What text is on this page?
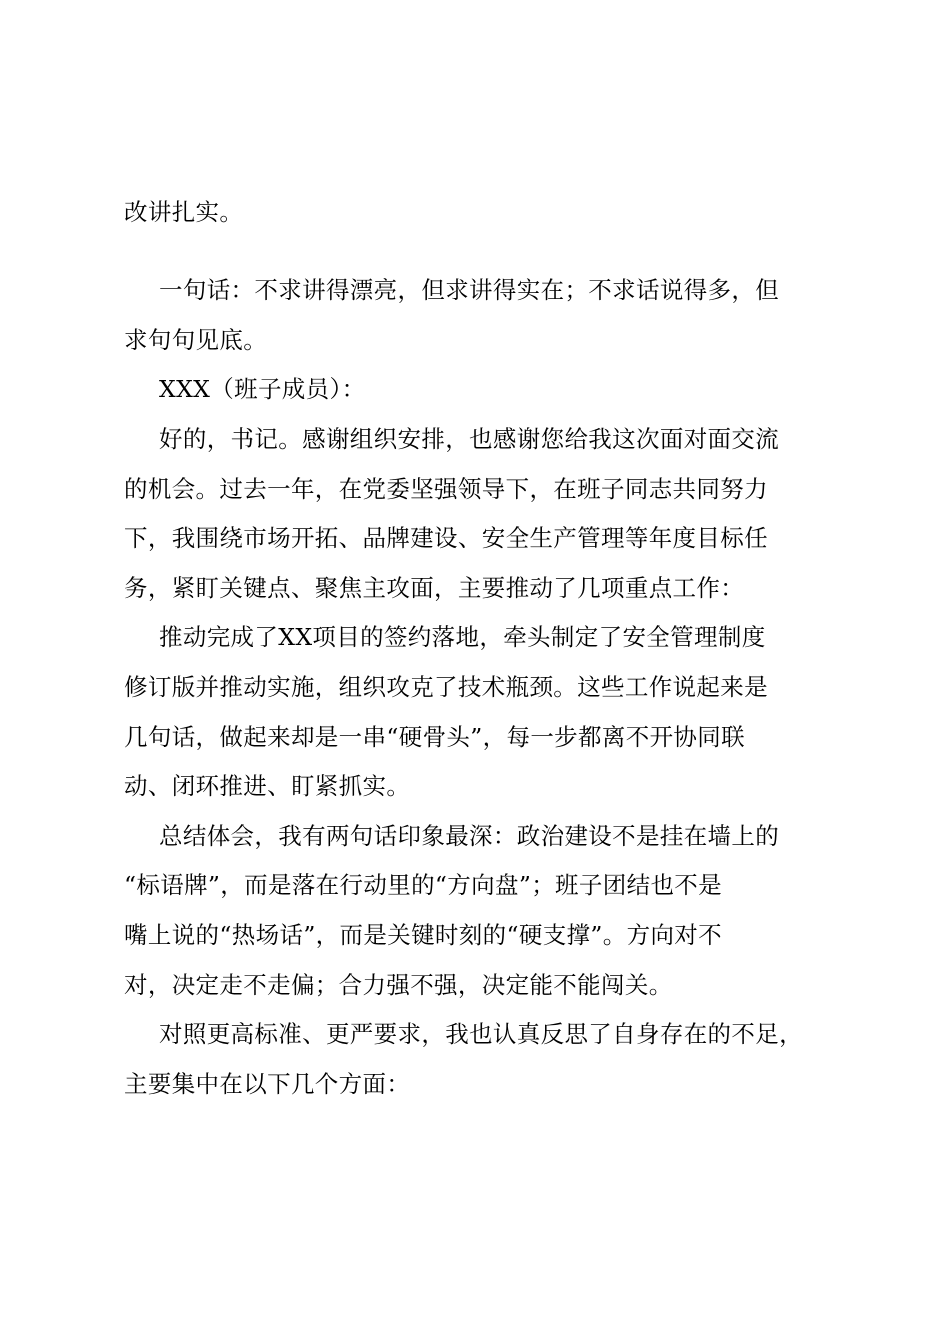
改讲扎实。
一句话：不求讲得漂亮，但求讲得实在；不求话说得多，但
求句句见底。
XXX（班子成员）：
好的，书记。感谢组织安排，也感谢您给我这次面对面交流
的机会。过去一年，在党委坚强领导下，在班子同志共同努力
下，我围绕市场开拓、品牌建设、安全生产管理等年度目标任
务，紧盯关键点、聚焦主攻面，主要推动了几项重点工作：
推动完成了XX项目的签约落地，牵头制定了安全管理制度
修订版并推动实施，组织攻克了技术瓶颈。这些工作说起来是
几句话，做起来却是一串“硬骨头”，每一步都离不开协同联
动、闭环推进、盯紧抓实。
总结体会，我有两句话印象最深：政治建设不是挂在墙上的
“标语牌”，而是落在行动里的“方向盘”；班子团结也不是
嘴上说的“热场话”，而是关键时刻的“硬支撑”。方向对不
对，决定走不走偏；合力强不强，决定能不能闯关。
对照更高标准、更严要求，我也认真反思了自身存在的不足，
主要集中在以下几个方面：
